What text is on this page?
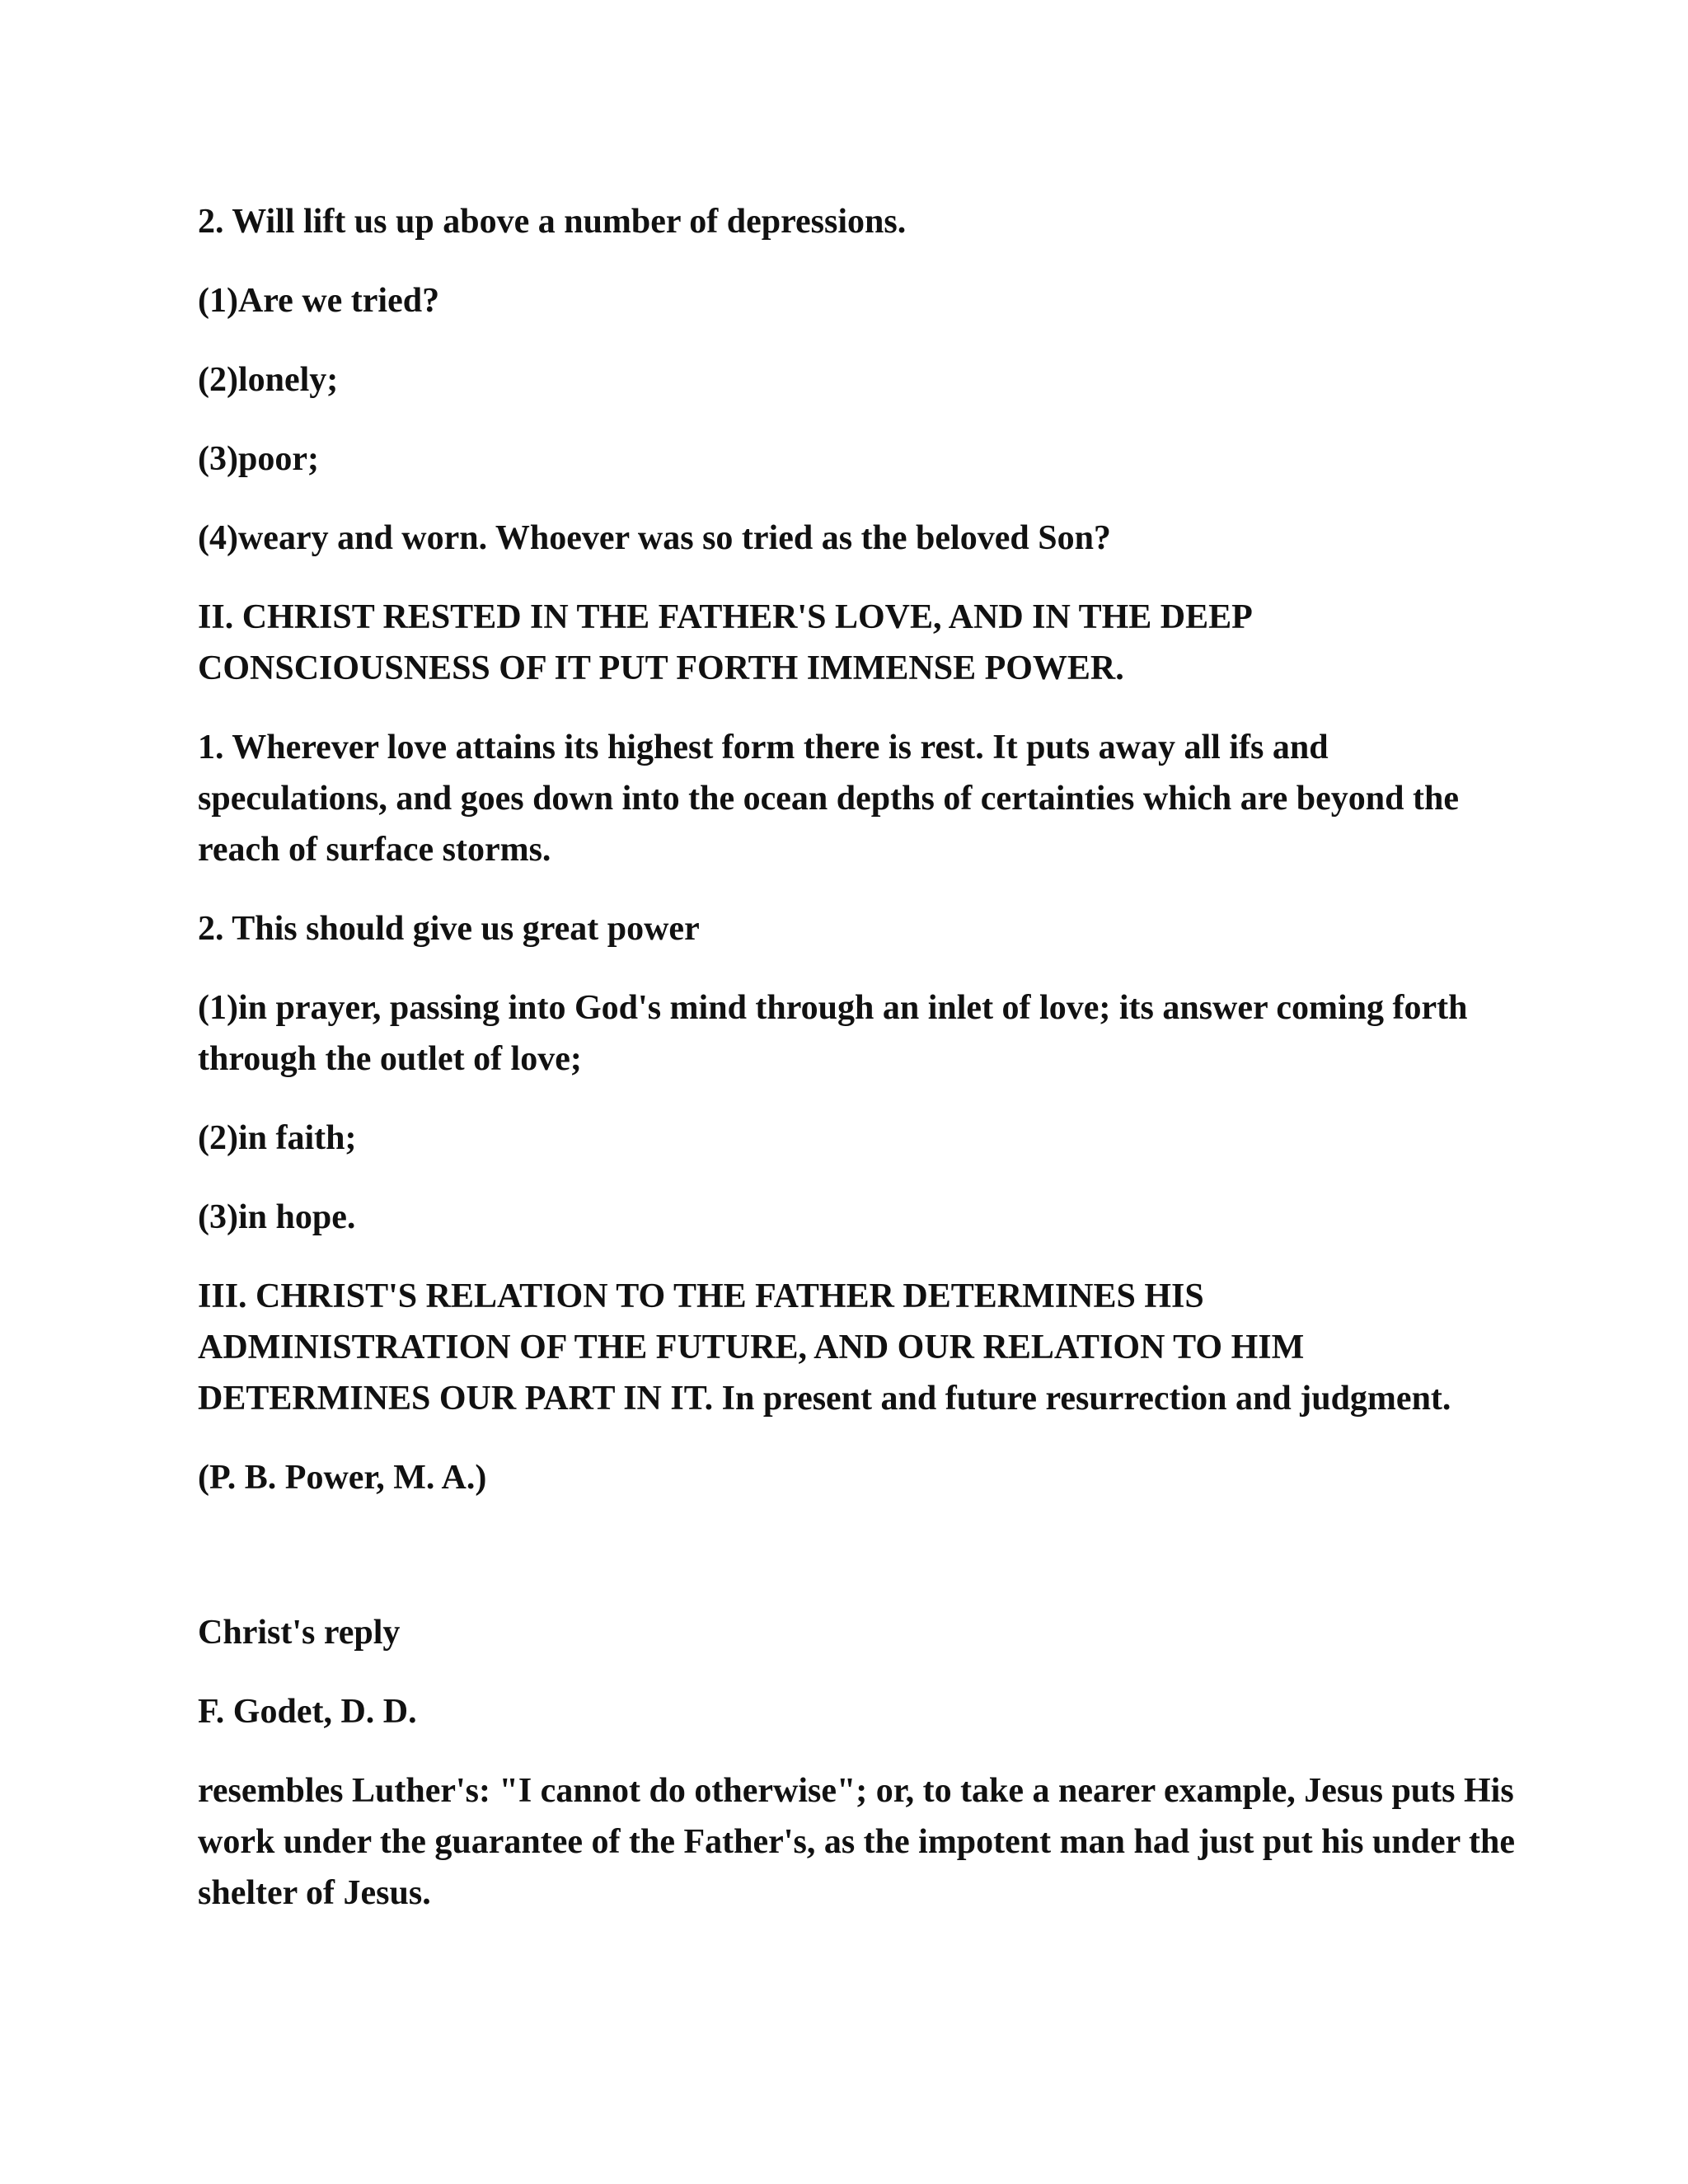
2. Will lift us up above a number of depressions.

(1)Are we tried?

(2)lonely;

(3)poor;

(4)weary and worn. Whoever was so tried as the beloved Son?

II. CHRIST RESTED IN THE FATHER'S LOVE, AND IN THE DEEP CONSCIOUSNESS OF IT PUT FORTH IMMENSE POWER.

1. Wherever love attains its highest form there is rest. It puts away all ifs and speculations, and goes down into the ocean depths of certainties which are beyond the reach of surface storms.

2. This should give us great power

(1)in prayer, passing into God's mind through an inlet of love; its answer coming forth through the outlet of love;

(2)in faith;

(3)in hope.

III. CHRIST'S RELATION TO THE FATHER DETERMINES HIS ADMINISTRATION OF THE FUTURE, AND OUR RELATION TO HIM DETERMINES OUR PART IN IT. In present and future resurrection and judgment.

(P. B. Power, M. A.)

Christ's reply

F. Godet, D. D.

resembles Luther's: "I cannot do otherwise"; or, to take a nearer example, Jesus puts His work under the guarantee of the Father's, as the impotent man had just put his under the shelter of Jesus.
